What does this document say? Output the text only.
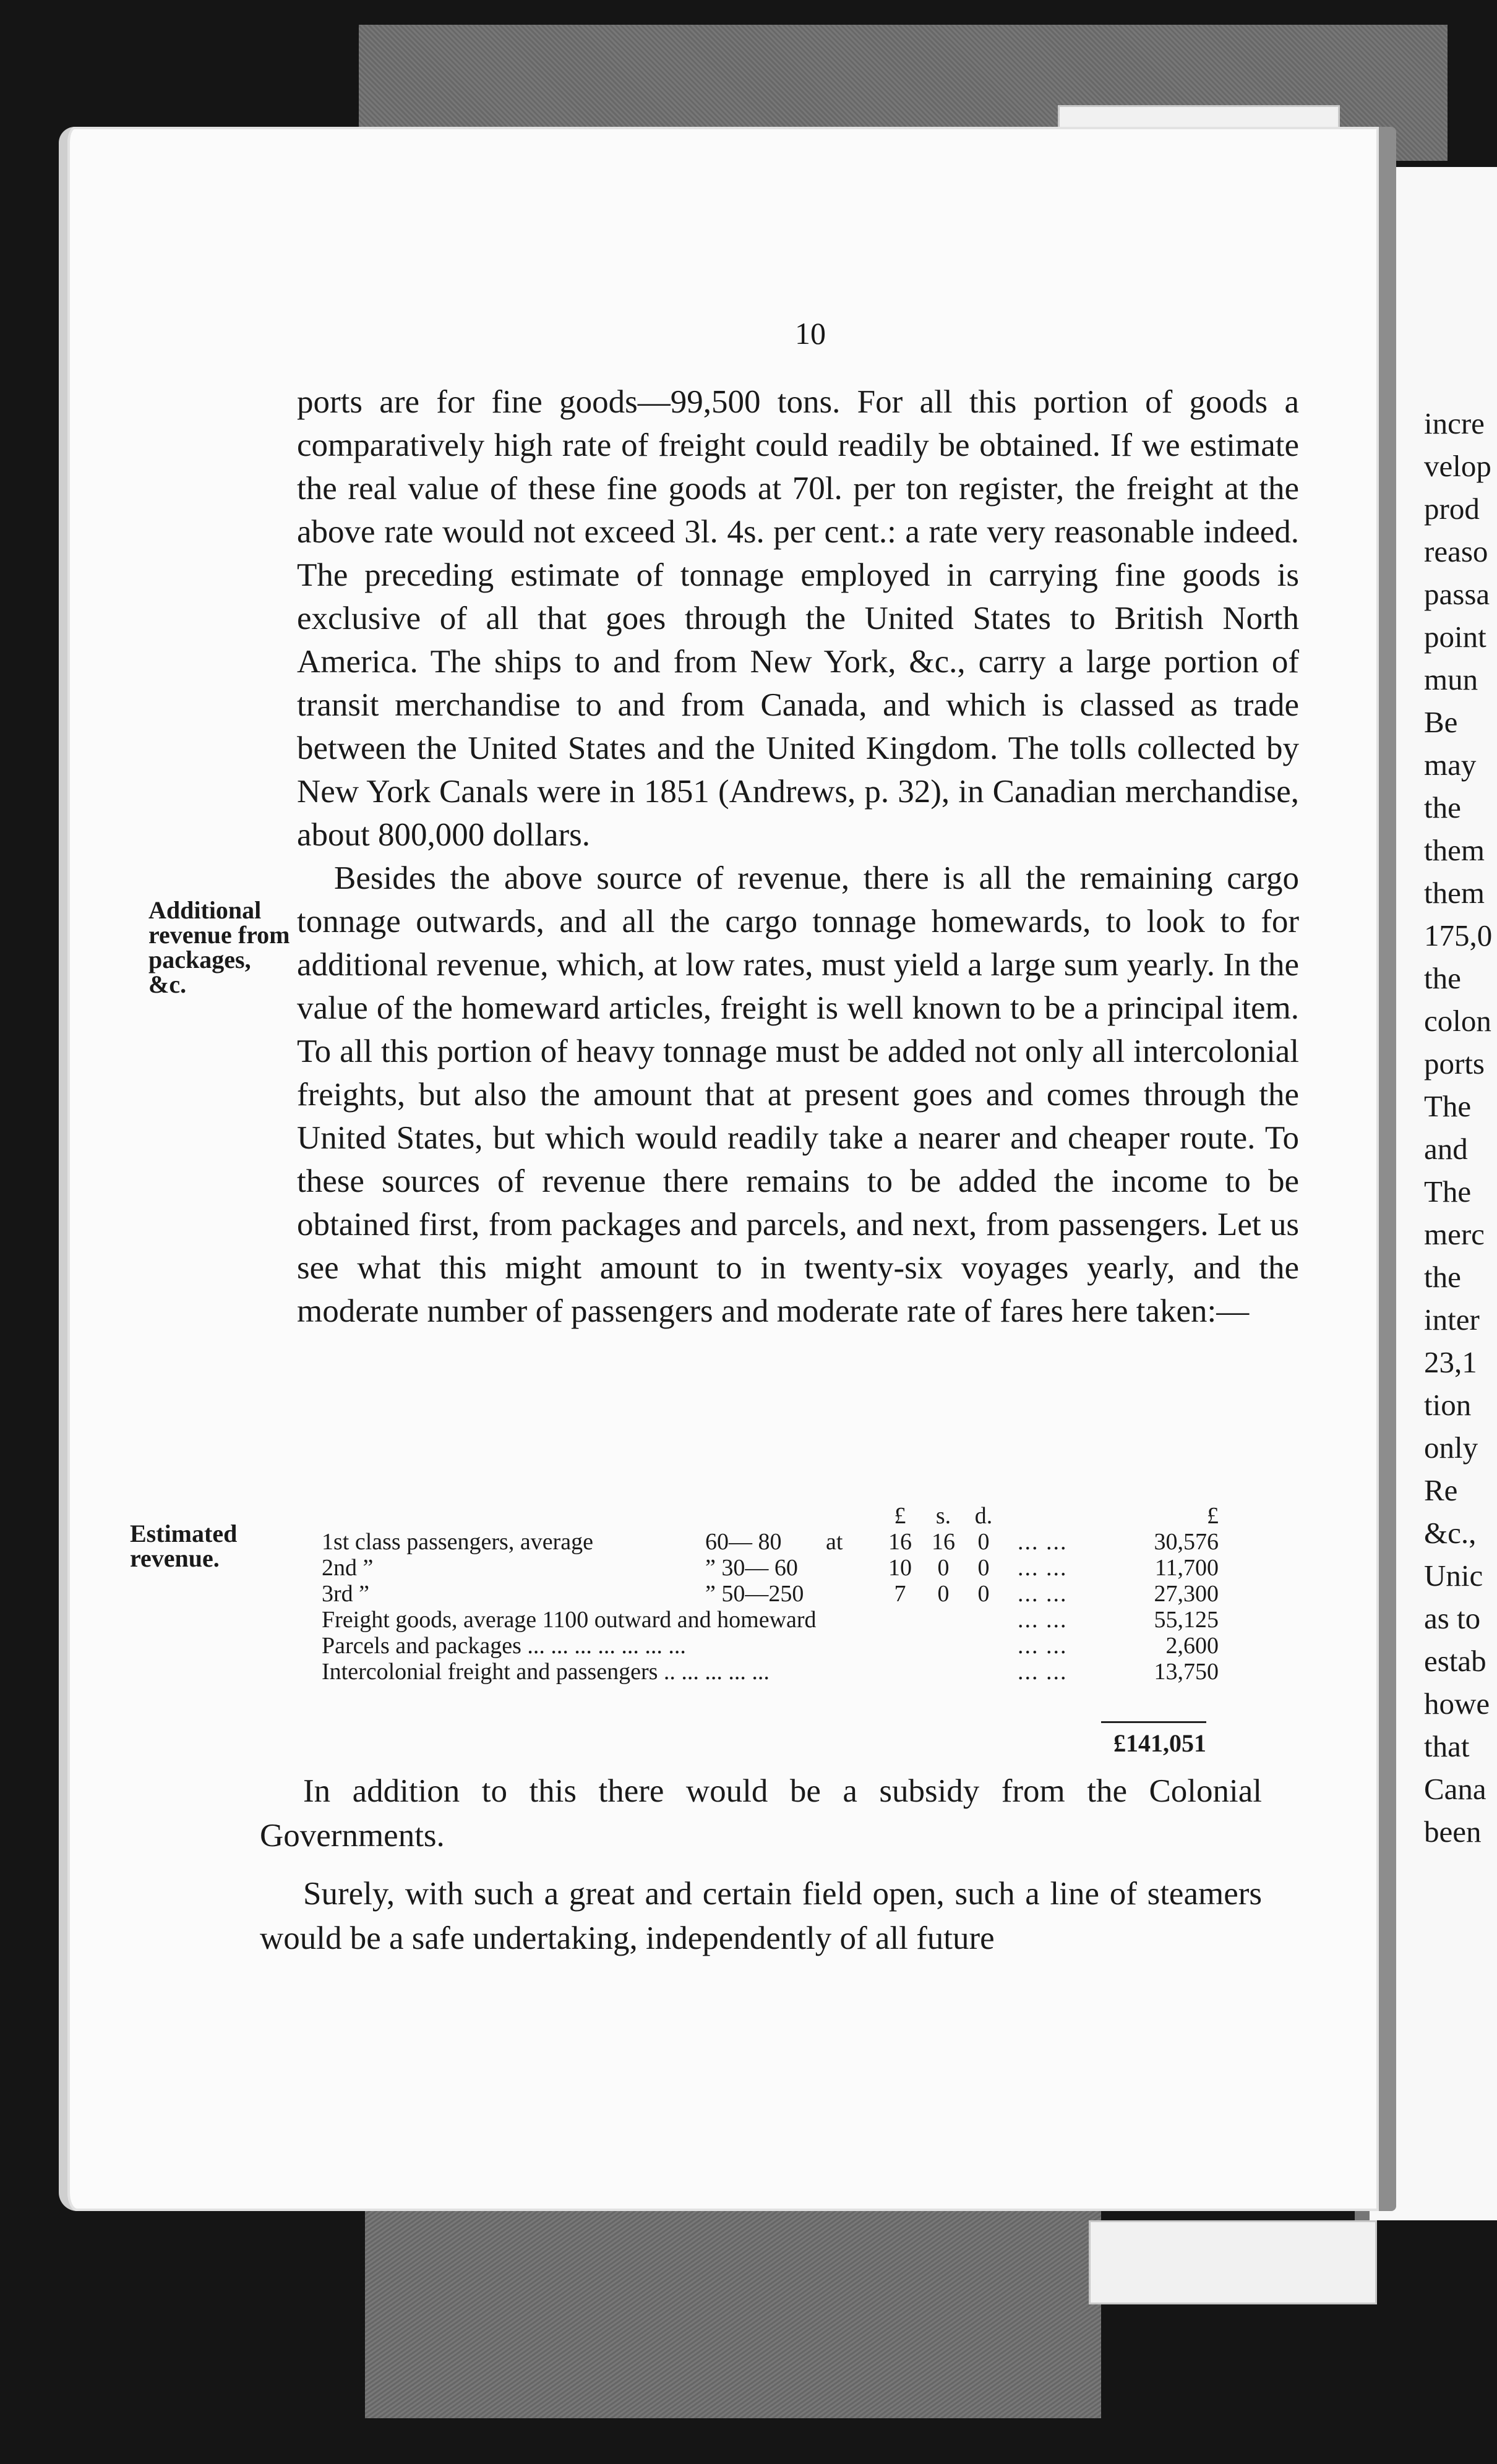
incre
velop
prod
reaso
passa
point
mun
Be
may
the
them
them
175,0
the
colon
ports
The
and
The
merc
the
inter
23,1
tion
only
Re
&c.,
Unic
as to
estab
howe
that
Cana
been
10

ports are for fine goods—99,500 tons. For all this portion of goods a comparatively high rate of freight could readily be obtained. If we estimate the real value of these fine goods at 70l. per ton register, the freight at the above rate would not exceed 3l. 4s. per cent.: a rate very reasonable indeed. The preceding estimate of tonnage employed in carrying fine goods is exclusive of all that goes through the United States to British North America. The ships to and from New York, &c., carry a large portion of transit merchandise to and from Canada, and which is classed as trade between the United States and the United Kingdom. The tolls collected by New York Canals were in 1851 (Andrews, p. 32), in Canadian merchandise, about 800,000 dollars.

Besides the above source of revenue, there is all the remaining cargo tonnage outwards, and all the cargo tonnage homewards, to look to for additional revenue, which, at low rates, must yield a large sum yearly. In the value of the homeward articles, freight is well known to be a principal item. To all this portion of heavy tonnage must be added not only all intercolonial freights, but also the amount that at present goes and comes through the United States, but which would readily take a nearer and cheaper route. To these sources of revenue there remains to be added the income to be obtained first, from packages and parcels, and next, from passengers. Let us see what this might amount to in twenty-six voyages yearly, and the moderate number of passengers and moderate rate of fares here taken:—

Additional revenue from packages, &c.
Estimated revenue.
£	s.	d.	£
1st class passengers, average	60— 80 at	16 16 0	... ...	30,576
2nd ”	” 30— 60	10	0	0	... ...	11,700
3rd ”	” 50—250	7	0	0	... ...	27,300
Freight goods, average 1100 outward and homeward	... ...	55,125
Parcels and packages ... ... ... ... ... ... ...	... ...	2,600
Intercolonial freight and passengers .. ... ... ... ...	... ...	13,750
£141,051

In addition to this there would be a subsidy from the Colonial Governments.

Surely, with such a great and certain field open, such a line of steamers would be a safe undertaking, independently of all future
